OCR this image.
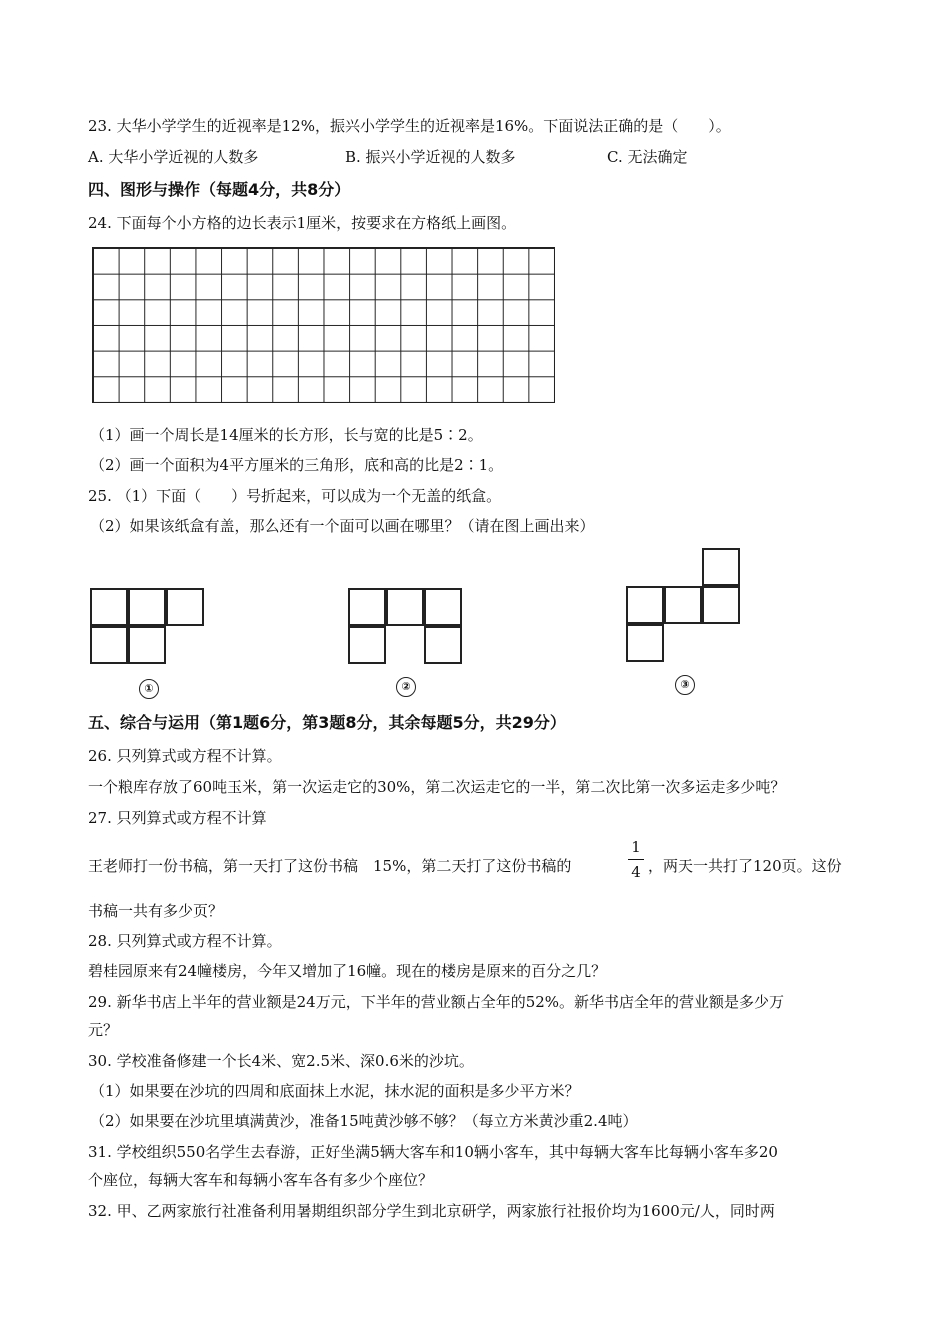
23. 大华小学学生的近视率是12%，振兴小学学生的近视率是16%。下面说法正确的是（　　）。
A. 大华小学近视的人数多	B. 振兴小学近视的人数多	C. 无法确定
四、图形与操作（每题4分，共8分）
24. 下面每个小方格的边长表示1厘米，按要求在方格纸上画图。
（1）画一个周长是14厘米的长方形，长与宽的比是5∶2。
（2）画一个面积为4平方厘米的三角形，底和高的比是2∶1。
25. （1）下面（　　）号折起来，可以成为一个无盖的纸盒。
（2）如果该纸盒有盖，那么还有一个面可以画在哪里？（请在图上画出来）
①	②	③
五、综合与运用（第1题6分，第3题8分，其余每题5分，共29分）
26. 只列算式或方程不计算。
一个粮库存放了60吨玉米，第一次运走它的30%，第二次运走它的一半，第二次比第一次多运走多少吨？
27. 只列算式或方程不计算
王老师打一份书稿，第一天打了这份书稿　15%，第二天打了这份书稿的
1
4 ，两天一共打了120页。这份
书稿一共有多少页？
28. 只列算式或方程不计算。
碧桂园原来有24幢楼房，今年又增加了16幢。现在的楼房是原来的百分之几？
29. 新华书店上半年的营业额是24万元，下半年的营业额占全年的52%。新华书店全年的营业额是多少万
元？
30. 学校准备修建一个长4米、宽2.5米、深0.6米的沙坑。
（1）如果要在沙坑的四周和底面抹上水泥，抹水泥的面积是多少平方米？
（2）如果要在沙坑里填满黄沙，准备15吨黄沙够不够？（每立方米黄沙重2.4吨）
31. 学校组织550名学生去春游，正好坐满5辆大客车和10辆小客车，其中每辆大客车比每辆小客车多20
个座位，每辆大客车和每辆小客车各有多少个座位？
32. 甲、乙两家旅行社准备利用暑期组织部分学生到北京研学，两家旅行社报价均为1600元/人，同时两
